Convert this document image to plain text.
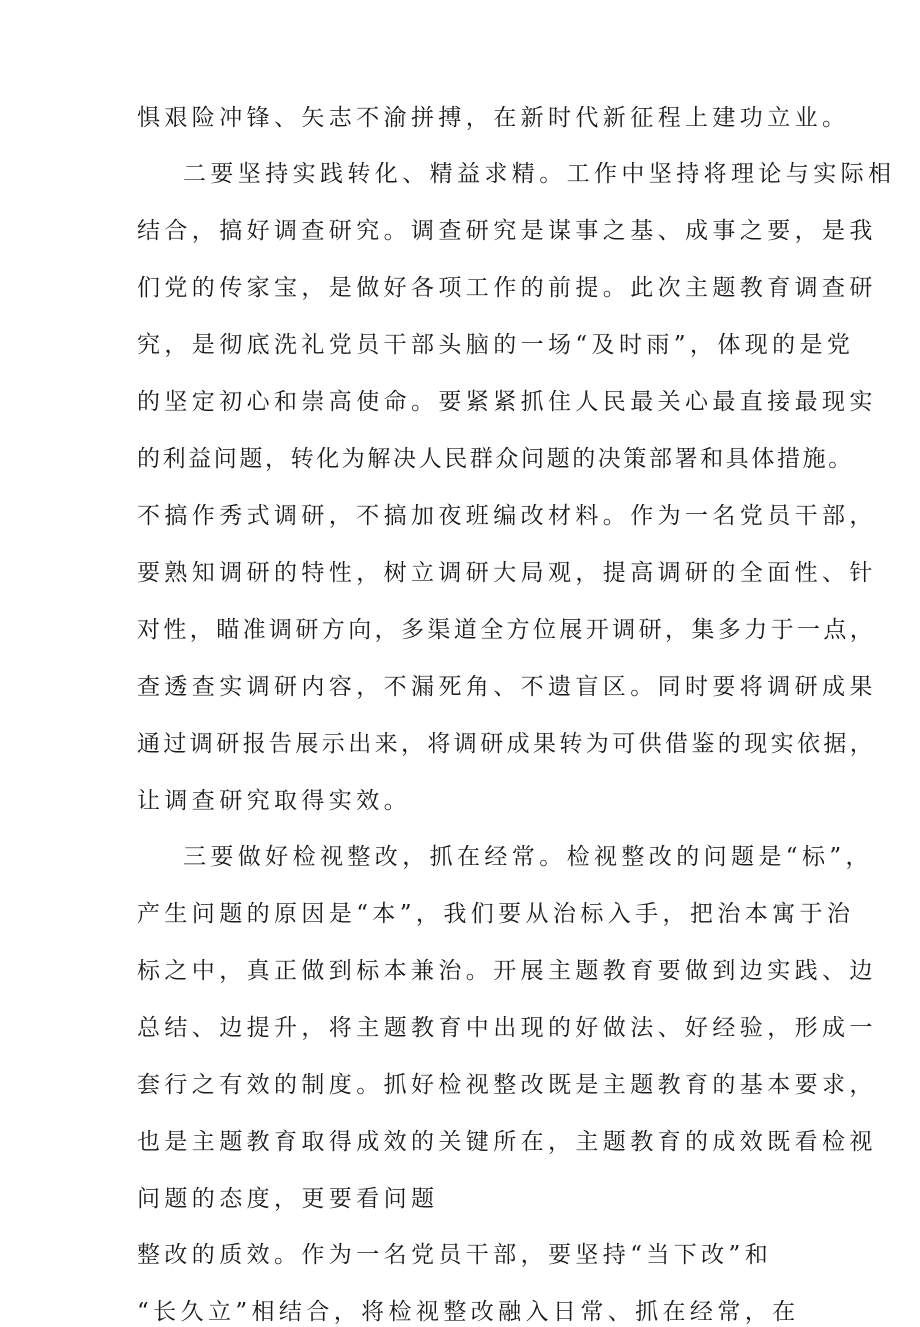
惧艰险冲锋、矢志不渝拼搏，在新时代新征程上建功立业。
二要坚持实践转化、精益求精。工作中坚持将理论与实际相
结合，搞好调查研究。调查研究是谋事之基、成事之要，是我
们党的传家宝，是做好各项工作的前提。此次主题教育调查研
究，是彻底洗礼党员干部头脑的一场“及时雨”，体现的是党
的坚定初心和崇高使命。要紧紧抓住人民最关心最直接最现实
的利益问题，转化为解决人民群众问题的决策部署和具体措施。
不搞作秀式调研，不搞加夜班编改材料。作为一名党员干部，
要熟知调研的特性，树立调研大局观，提高调研的全面性、针
对性，瞄准调研方向，多渠道全方位展开调研，集多力于一点，
查透查实调研内容，不漏死角、不遗盲区。同时要将调研成果
通过调研报告展示出来，将调研成果转为可供借鉴的现实依据，
让调查研究取得实效。
三要做好检视整改，抓在经常。检视整改的问题是“标”，
产生问题的原因是“本”，我们要从治标入手，把治本寓于治
标之中，真正做到标本兼治。开展主题教育要做到边实践、边
总结、边提升，将主题教育中出现的好做法、好经验，形成一
套行之有效的制度。抓好检视整改既是主题教育的基本要求，
也是主题教育取得成效的关键所在，主题教育的成效既看检视
问题的态度，更要看问题
整改的质效。作为一名党员干部，要坚持“当下改”和
“长久立”相结合，将检视整改融入日常、抓在经常，在
